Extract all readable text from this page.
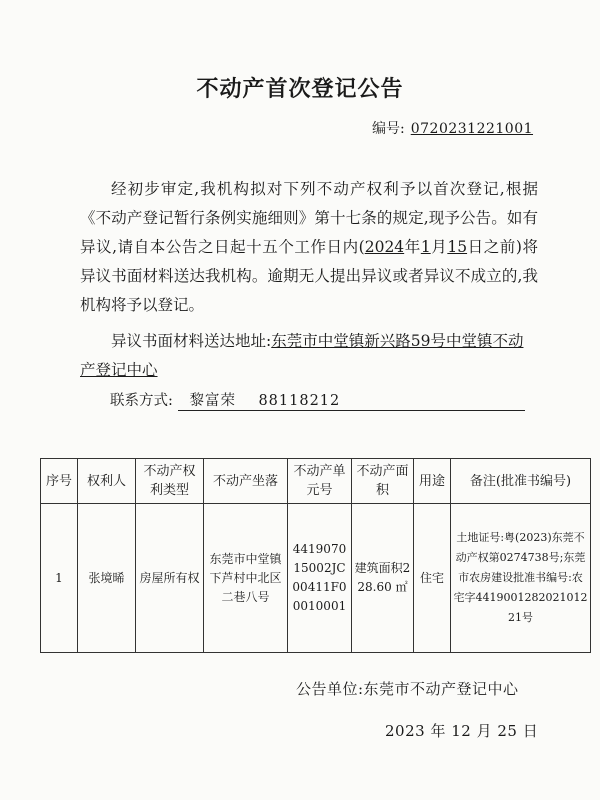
不动产首次登记公告
编号: 0720231221001

经初步审定,我机构拟对下列不动产权利予以首次登记,根据《不动产登记暂行条例实施细则》第十七条的规定,现予公告。如有异议,请自本公告之日起十五个工作日内(2024年1月15日之前)将异议书面材料送达我机构。逾期无人提出异议或者异议不成立的,我机构将予以登记。

异议书面材料送达地址:东莞市中堂镇新兴路59号中堂镇不动产登记中心
联系方式: 黎富荣 88118212
序号	权利人	不动产权利类型	不动产坐落	不动产单元号	不动产面积	用途	备注(批准书编号)
1	张境晞	房屋所有权	东莞市中堂镇下芦村中北区二巷八号	441907015002JC00411F00010001	建筑面积228.60 ㎡	住宅	土地证号:粤(2023)东莞不动产权第0274738号;东莞市农房建设批准书编号:农宅字441900128202101221号
公告单位:东莞市不动产登记中心
2023 年 12 月 25 日
